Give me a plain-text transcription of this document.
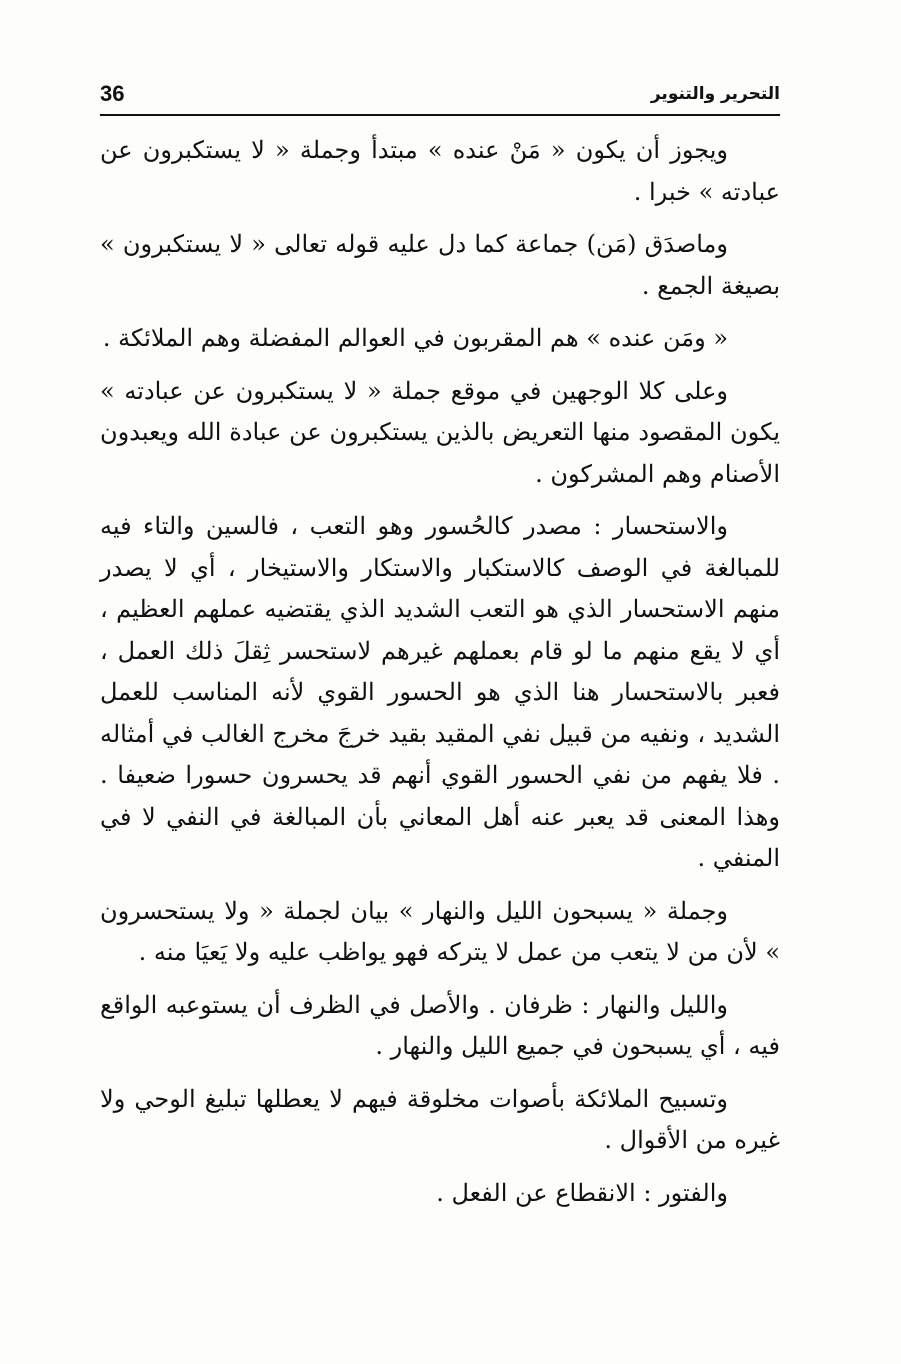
36	التحرير والتنوير

ويجوز أن يكون « مَنْ عنده » مبتدأ وجملة « لا يستكبرون عن عبادته » خبرا .

وماصدَق (مَن) جماعة كما دل عليه قوله تعالى « لا يستكبرون » بصيغة الجمع .

« ومَن عنده » هم المقربون في العوالم المفضلة وهم الملائكة .

وعلى كلا الوجهين في موقع جملة « لا يستكبرون عن عبادته » يكون المقصود منها التعريض بالذين يستكبرون عن عبادة الله ويعبدون الأصنام وهم المشركون .

والاستحسار : مصدر كالحُسور وهو التعب ، فالسين والتاء فيه للمبالغة في الوصف كالاستكبار والاستكار والاستيخار ، أي لا يصدر منهم الاستحسار الذي هو التعب الشديد الذي يقتضيه عملهم العظيم ، أي لا يقع منهم ما لو قام بعملهم غيرهم لاستحسر ثِقلَ ذلك العمل ، فعبر بالاستحسار هنا الذي هو الحسور القوي لأنه المناسب للعمل الشديد ، ونفيه من قبيل نفي المقيد بقيد خرجَ مخرج الغالب في أمثاله . فلا يفهم من نفي الحسور القوي أنهم قد يحسرون حسورا ضعيفا . وهذا المعنى قد يعبر عنه أهل المعاني بأن المبالغة في النفي لا في المنفي .

وجملة « يسبحون الليل والنهار » بيان لجملة « ولا يستحسرون » لأن من لا يتعب من عمل لا يتركه فهو يواظب عليه ولا يَعيَا منه .

والليل والنهار : ظرفان . والأصل في الظرف أن يستوعبه الواقع فيه ، أي يسبحون في جميع الليل والنهار .

وتسبيح الملائكة بأصوات مخلوقة فيهم لا يعطلها تبليغ الوحي ولا غيره من الأقوال .

والفتور : الانقطاع عن الفعل .
